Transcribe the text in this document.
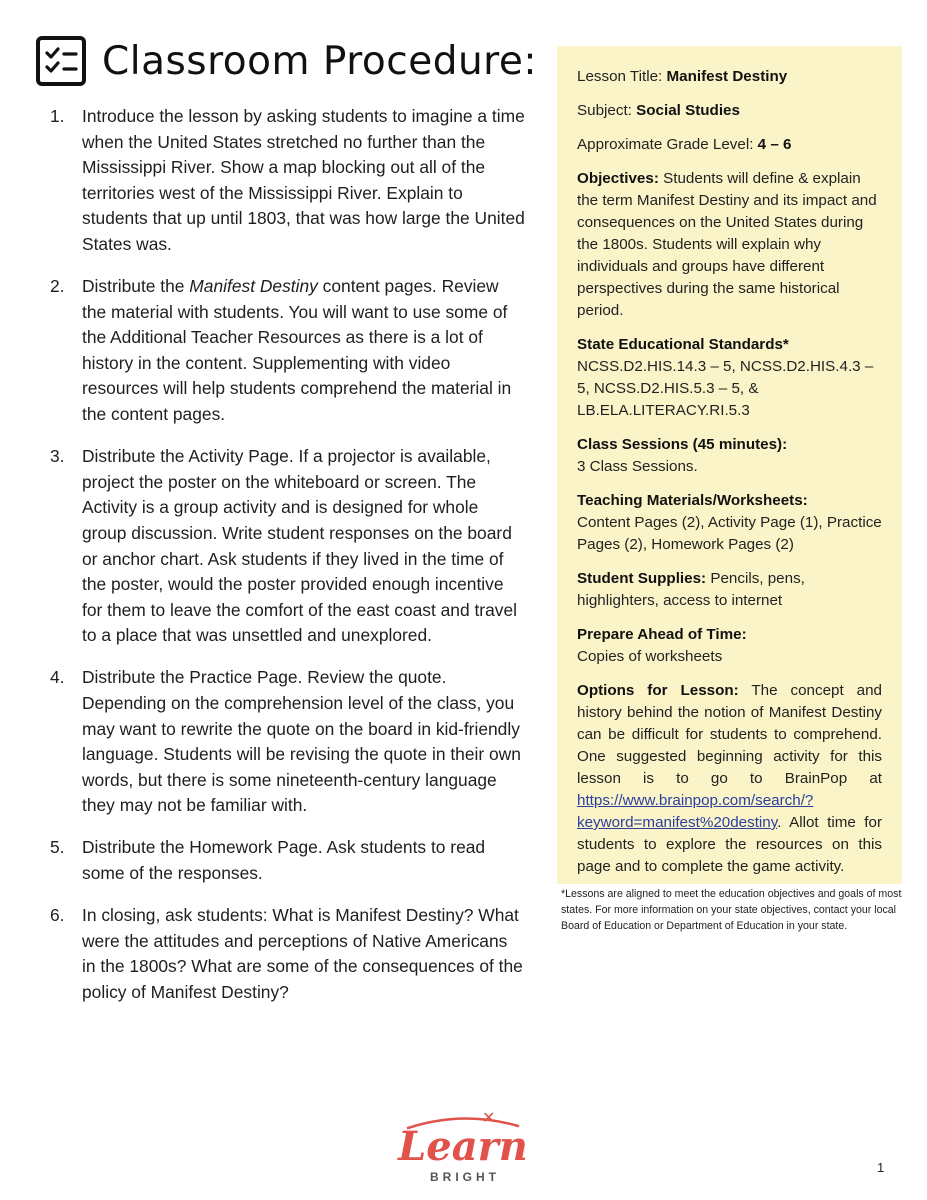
Classroom Procedure:
1.	Introduce the lesson by asking students to imagine a time when the United States stretched no further than the Mississippi River. Show a map blocking out all of the territories west of the Mississippi River. Explain to students that up until 1803, that was how large the United States was.
2.	Distribute the Manifest Destiny content pages. Review the material with students. You will want to use some of the Additional Teacher Resources as there is a lot of history in the content. Supplementing with video resources will help students comprehend the material in the content pages.
3.	Distribute the Activity Page. If a projector is available, project the poster on the whiteboard or screen. The Activity is a group activity and is designed for whole group discussion. Write student responses on the board or anchor chart. Ask students if they lived in the time of the poster, would the poster provided enough incentive for them to leave the comfort of the east coast and travel to a place that was unsettled and unexplored.
4.	Distribute the Practice Page. Review the quote. Depending on the comprehension level of the class, you may want to rewrite the quote on the board in kid-friendly language. Students will be revising the quote in their own words, but there is some nineteenth-century language they may not be familiar with.
5.	Distribute the Homework Page. Ask students to read some of the responses.
6.	In closing, ask students: What is Manifest Destiny? What were the attitudes and perceptions of Native Americans in the 1800s? What are some of the consequences of the policy of Manifest Destiny?

Lesson Title: Manifest Destiny

Subject: Social Studies

Approximate Grade Level: 4 – 6

Objectives: Students will define & explain the term Manifest Destiny and its impact and consequences on the United States during the 1800s. Students will explain why individuals and groups have different perspectives during the same historical period.

State Educational Standards*
NCSS.D2.HIS.14.3 – 5, NCSS.D2.HIS.4.3 – 5, NCSS.D2.HIS.5.3 – 5, & LB.ELA.LITERACY.RI.5.3

Class Sessions (45 minutes):
3 Class Sessions.

Teaching Materials/Worksheets:
Content Pages (2), Activity Page (1), Practice Pages (2), Homework Pages (2)

Student Supplies: Pencils, pens, highlighters, access to internet

Prepare Ahead of Time:
Copies of worksheets

Options for Lesson: The concept and history behind the notion of Manifest Destiny can be difficult for students to comprehend. One suggested beginning activity for this lesson is to go to BrainPop at https://www.brainpop.com/search/?keyword=manifest%20destiny. Allot time for students to explore the resources on this page and to complete the game activity.

*Lessons are aligned to meet the education objectives and goals of most states. For more information on your state objectives, contact your local Board of Education or Department of Education in your state.
✕
Learn
BRIGHT
1
